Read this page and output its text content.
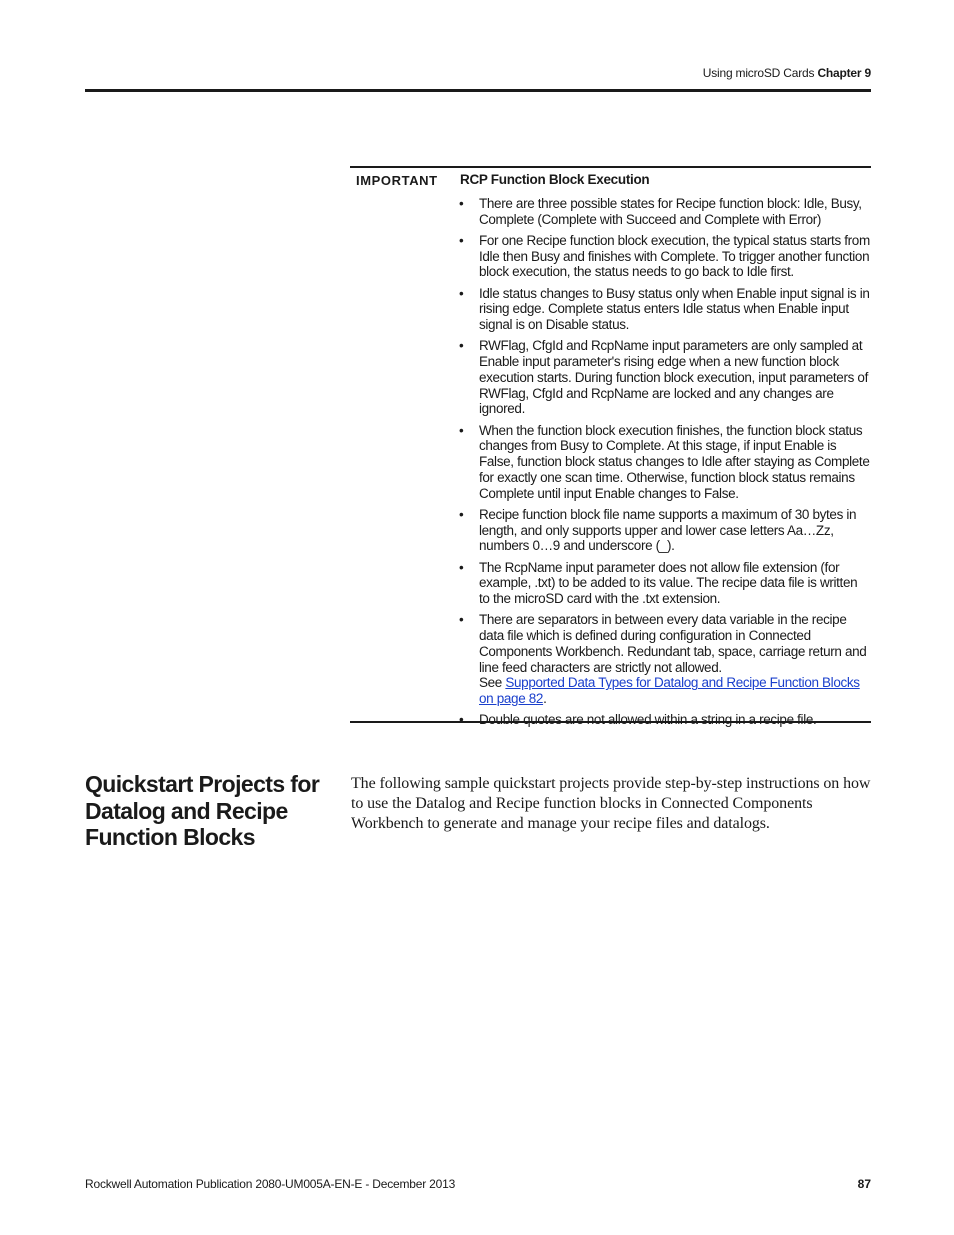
Using microSD Cards Chapter 9
IMPORTANT RCP Function Block Execution
• There are three possible states for Recipe function block: Idle, Busy, Complete (Complete with Succeed and Complete with Error)
• For one Recipe function block execution, the typical status starts from Idle then Busy and finishes with Complete. To trigger another function block execution, the status needs to go back to Idle first.
• Idle status changes to Busy status only when Enable input signal is in rising edge. Complete status enters Idle status when Enable input signal is on Disable status.
• RWFlag, CfgId and RcpName input parameters are only sampled at Enable input parameter's rising edge when a new function block execution starts. During function block execution, input parameters of RWFlag, CfgId and RcpName are locked and any changes are ignored.
• When the function block execution finishes, the function block status changes from Busy to Complete. At this stage, if input Enable is False, function block status changes to Idle after staying as Complete for exactly one scan time. Otherwise, function block status remains Complete until input Enable changes to False.
• Recipe function block file name supports a maximum of 30 bytes in length, and only supports upper and lower case letters Aa…Zz, numbers 0…9 and underscore (_).
• The RcpName input parameter does not allow file extension (for example, .txt) to be added to its value. The recipe data file is written to the microSD card with the .txt extension.
• There are separators in between every data variable in the recipe data file which is defined during configuration in Connected Components Workbench. Redundant tab, space, carriage return and line feed characters are strictly not allowed.
See Supported Data Types for Datalog and Recipe Function Blocks on page 82.
• Double quotes are not allowed within a string in a recipe file.
Quickstart Projects for Datalog and Recipe Function Blocks

The following sample quickstart projects provide step-by-step instructions on how to use the Datalog and Recipe function blocks in Connected Components Workbench to generate and manage your recipe files and datalogs.

Rockwell Automation Publication 2080-UM005A-EN-E - December 2013	87
